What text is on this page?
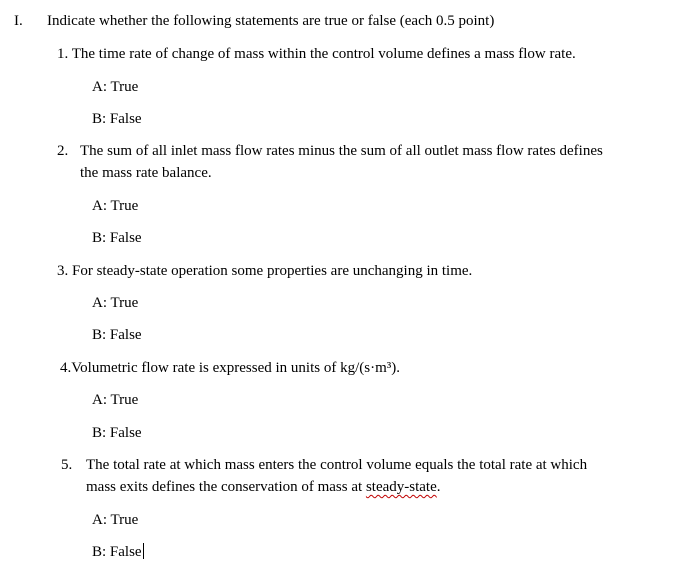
I. Indicate whether the following statements are true or false (each 0.5 point)
1. The time rate of change of mass within the control volume defines a mass flow rate.
A: True
B: False
2. The sum of all inlet mass flow rates minus the sum of all outlet mass flow rates defines
the mass rate balance.
A: True
B: False
3. For steady-state operation some properties are unchanging in time.
A: True
B: False
4.Volumetric flow rate is expressed in units of kg/(s·m³).
A: True
B: False
5. The total rate at which mass enters the control volume equals the total rate at which
mass exits defines the conservation of mass at steady-state.
A: True
B: False
